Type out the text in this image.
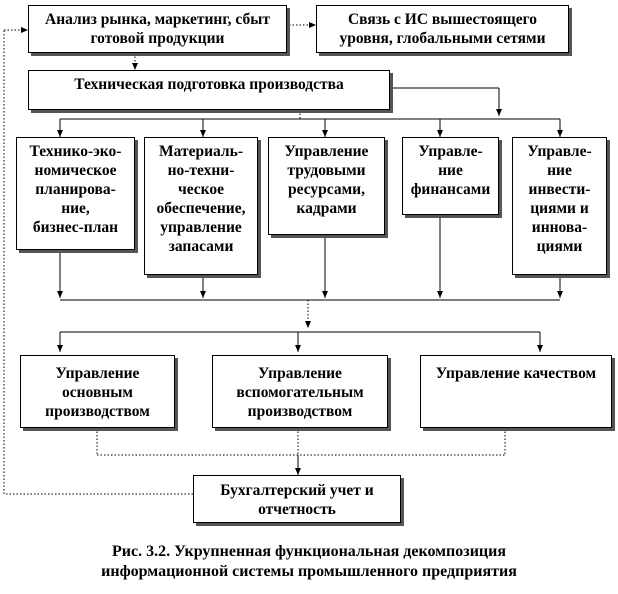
Анализ рынка, маркетинг, сбыт
готовой продукции
Связь с ИС вышестоящего
уровня, глобальными сетями
Техническая подготовка производства
Технико-эко-
номическое
планирова-
ние,
бизнес-план
Материаль-
но-техни-
ческое
обеспечение,
управление
запасами
Управление
трудовыми
ресурсами,
кадрами
Управле-
ние
финансами
Управле-
ние
инвести-
циями и
иннова-
циями
Управление
основным
производством
Управление
вспомогательным
производством
Управление качеством
Бухгалтерский учет и
отчетность
Рис. 3.2. Укрупненная функциональная декомпозиция
информационной системы промышленного предприятия
